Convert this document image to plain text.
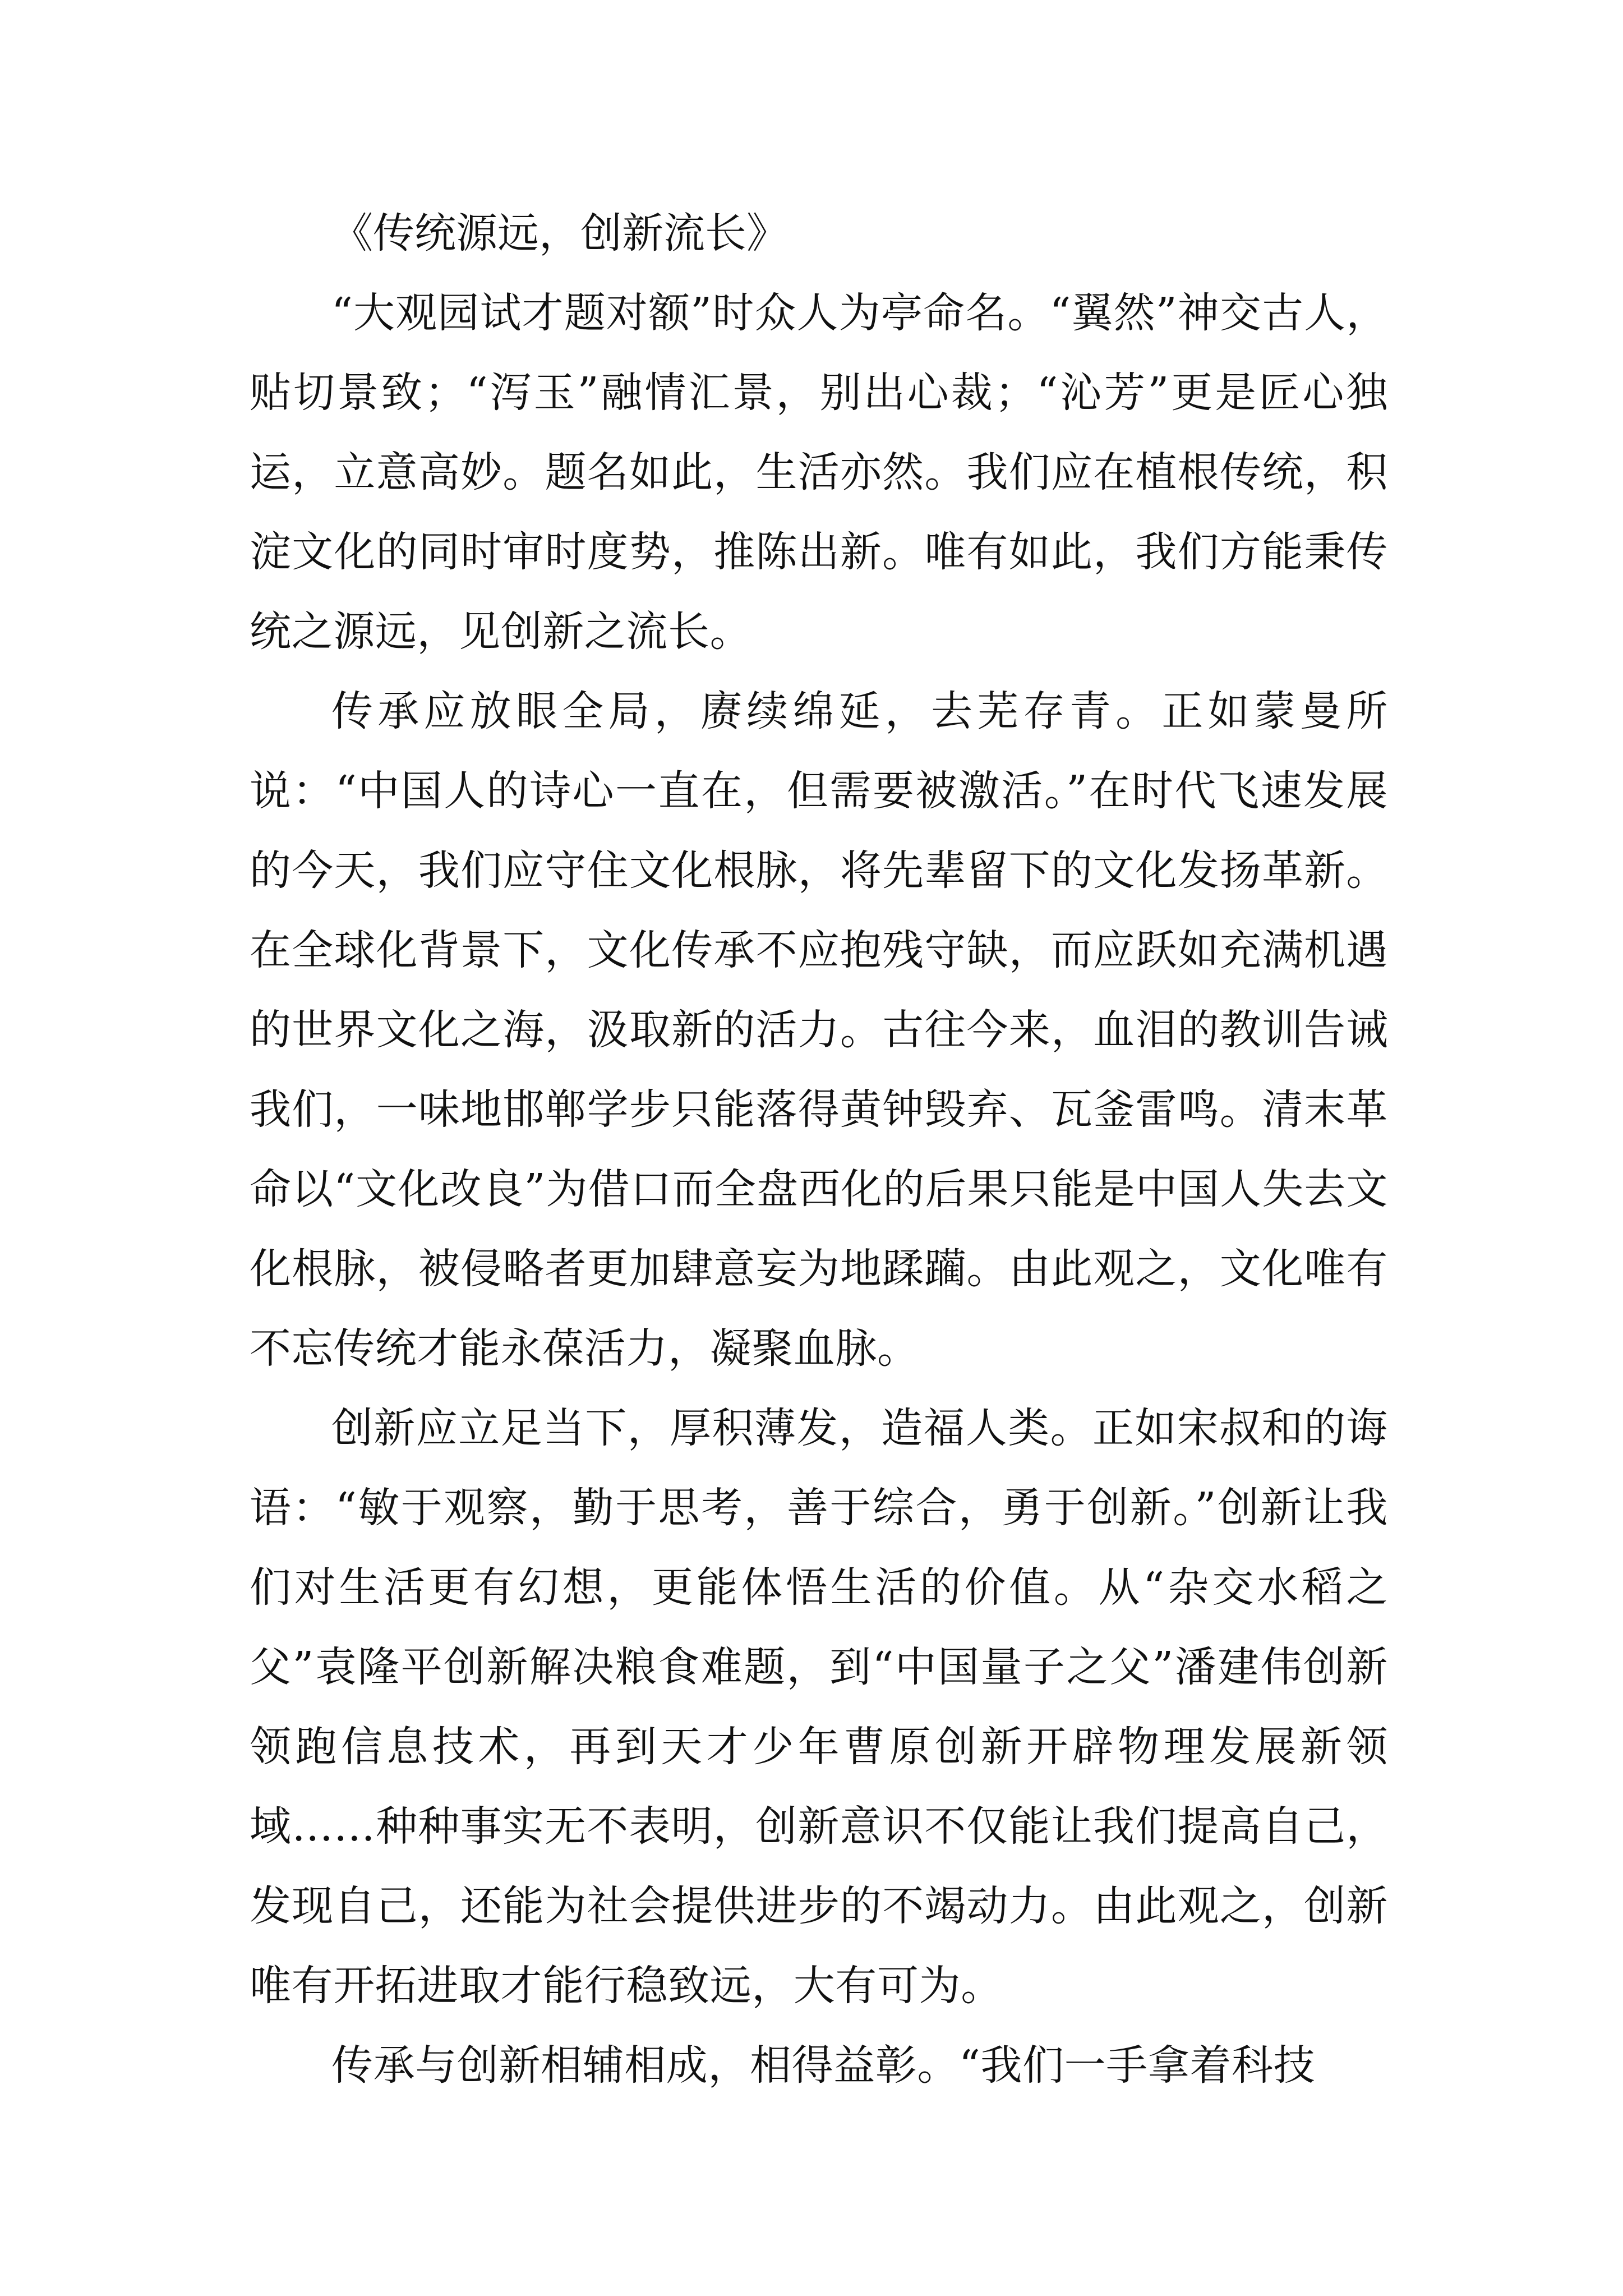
《传统源远，创新流长》

“大观园试才题对额”时众人为亭命名。“翼然”神交古人，贴切景致；“泻玉”融情汇景，别出心裁；“沁芳”更是匠心独运，立意高妙。题名如此，生活亦然。我们应在植根传统，积淀文化的同时审时度势，推陈出新。唯有如此，我们方能秉传统之源远，见创新之流长。

传承应放眼全局，赓续绵延，去芜存青。正如蒙曼所说：“中国人的诗心一直在，但需要被激活。”在时代飞速发展的今天，我们应守住文化根脉，将先辈留下的文化发扬革新。在全球化背景下，文化传承不应抱残守缺，而应跃如充满机遇的世界文化之海，汲取新的活力。古往今来，血泪的教训告诫我们，一味地邯郸学步只能落得黄钟毁弃、瓦釜雷鸣。清末革命以“文化改良”为借口而全盘西化的后果只能是中国人失去文化根脉，被侵略者更加肆意妄为地蹂躏。由此观之，文化唯有不忘传统才能永葆活力，凝聚血脉。

创新应立足当下，厚积薄发，造福人类。正如宋叔和的诲语：“敏于观察，勤于思考，善于综合，勇于创新。”创新让我们对生活更有幻想，更能体悟生活的价值。从“杂交水稻之父”袁隆平创新解决粮食难题，到“中国量子之父”潘建伟创新领跑信息技术，再到天才少年曹原创新开辟物理发展新领域……种种事实无不表明，创新意识不仅能让我们提高自己，发现自己，还能为社会提供进步的不竭动力。由此观之，创新唯有开拓进取才能行稳致远，大有可为。

传承与创新相辅相成，相得益彰。“我们一手拿着科技
